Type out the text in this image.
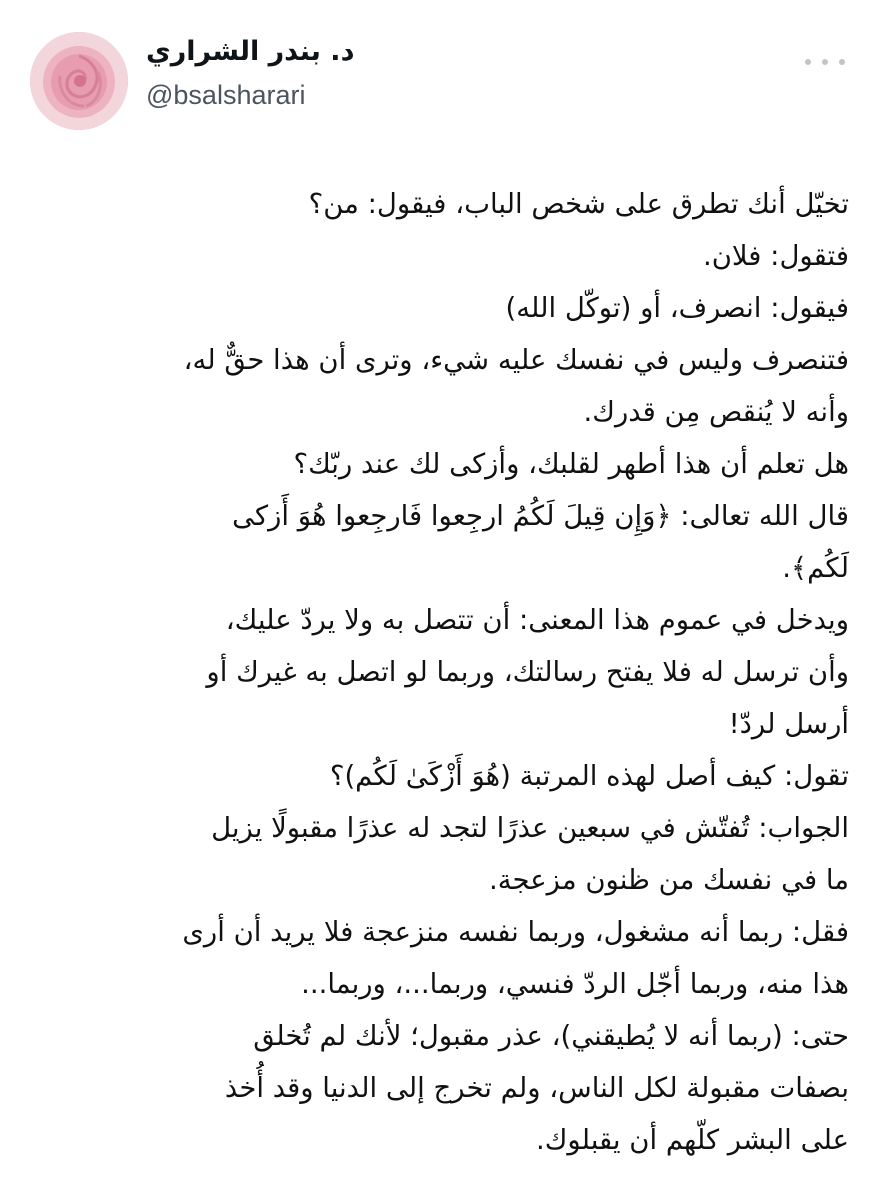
د. بندر الشراري
@bsalsharari
تخيّل أنك تطرق على شخص الباب، فيقول: من؟
فتقول: فلان.
فيقول: انصرف، أو (توكّل الله)
فتنصرف وليس في نفسك عليه شيء، وترى أن هذا حقٌّ له،
وأنه لا يُنقص مِن قدرك.
هل تعلم أن هذا أطهر لقلبك، وأزكى لك عند ربّك؟
قال الله تعالى: ﴿وَإِن قِيلَ لَكُمُ ارجِعوا فَارجِعوا هُوَ أَزكى
لَكُم﴾.
ويدخل في عموم هذا المعنى: أن تتصل به ولا يردّ عليك،
وأن ترسل له فلا يفتح رسالتك، وربما لو اتصل به غيرك أو
أرسل لردّ!
تقول: كيف أصل لهذه المرتبة (هُوَ أَزْكَىٰ لَكُم)؟
الجواب: تُفتّش في سبعين عذرًا لتجد له عذرًا مقبولًا يزيل
ما في نفسك من ظنون مزعجة.
فقل: ربما أنه مشغول، وربما نفسه منزعجة فلا يريد أن أرى
هذا منه، وربما أجّل الردّ فنسي، وربما...، وربما...
حتى: (ربما أنه لا يُطيقني)، عذر مقبول؛ لأنك لم تُخلق
بصفات مقبولة لكل الناس، ولم تخرج إلى الدنيا وقد أُخذ
على البشر كلّهم أن يقبلوك.
